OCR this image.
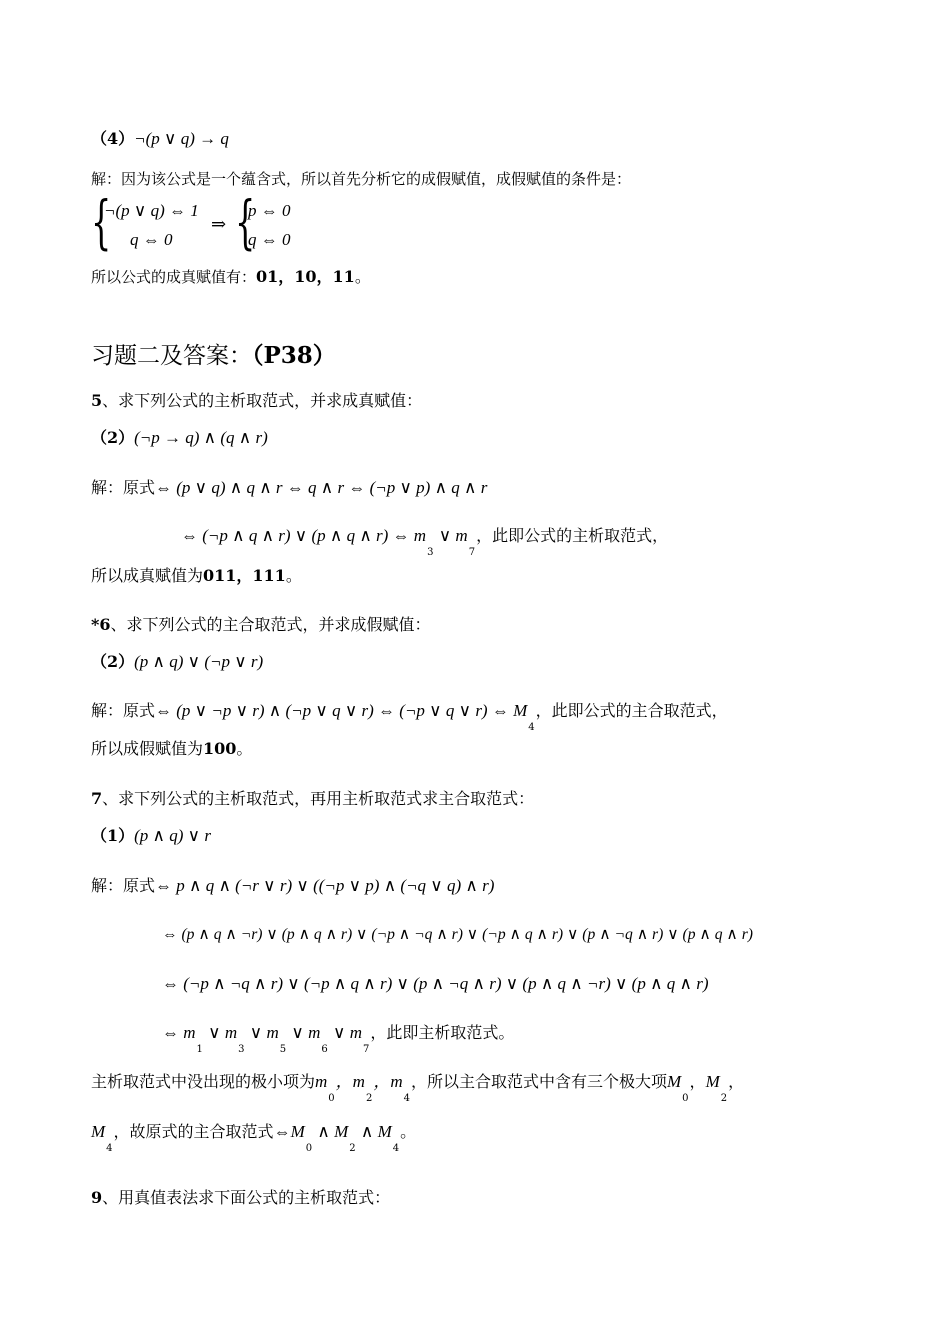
（4）¬(p ∨ q) → q
解：因为该公式是一个蕴含式，所以首先分析它的成假赋值，成假赋值的条件是：
{
¬(p ∨ q) ⇔ 1
q ⇔ 0
⇒ {
p ⇔ 0
q ⇔ 0
所以公式的成真赋值有：01，10，11。
习题二及答案：（P38）
5、求下列公式的主析取范式，并求成真赋值：
（2）(¬p → q) ∧ (q ∧ r)
解：原式⇔ (p ∨ q) ∧ q ∧ r ⇔ q ∧ r ⇔ (¬p ∨ p) ∧ q ∧ r
⇔ (¬p ∧ q ∧ r) ∨ (p ∧ q ∧ r) ⇔ $m_3$ ∨ $m_7$，此即公式的主析取范式，
所以成真赋值为011，111。
*6、求下列公式的主合取范式，并求成假赋值：
（2）(p ∧ q) ∨ (¬p ∨ r)
解：原式⇔ (p ∨ ¬p ∨ r) ∧ (¬p ∨ q ∨ r) ⇔ (¬p ∨ q ∨ r) ⇔ $M_4$，此即公式的主合取范式，
所以成假赋值为100。
7、求下列公式的主析取范式，再用主析取范式求主合取范式：
（1）(p ∧ q) ∨ r
解：原式⇔ p ∧ q ∧ (¬r ∨ r) ∨ ((¬p ∨ p) ∧ (¬q ∨ q) ∧ r)
⇔ (p ∧ q ∧ ¬r) ∨ (p ∧ q ∧ r) ∨ (¬p ∧ ¬q ∧ r) ∨ (¬p ∧ q ∧ r) ∨ (p ∧ ¬q ∧ r) ∨ (p ∧ q ∧ r)
⇔ (¬p ∧ ¬q ∧ r) ∨ (¬p ∧ q ∧ r) ∨ (p ∧ ¬q ∧ r) ∨ (p ∧ q ∧ ¬r) ∨ (p ∧ q ∧ r)
⇔ $m_1$ ∨ $m_3$ ∨ $m_5$ ∨ $m_6$ ∨ $m_7$，此即主析取范式。
主析取范式中没出现的极小项为$m_0$，$m_2$，$m_4$，所以主合取范式中含有三个极大项$M_0$，$M_2$，
$M_4$，故原式的主合取范式$\Leftrightarrow M_0$ ∧ $M_2$ ∧ $M_4$。
9、用真值表法求下面公式的主析取范式：
